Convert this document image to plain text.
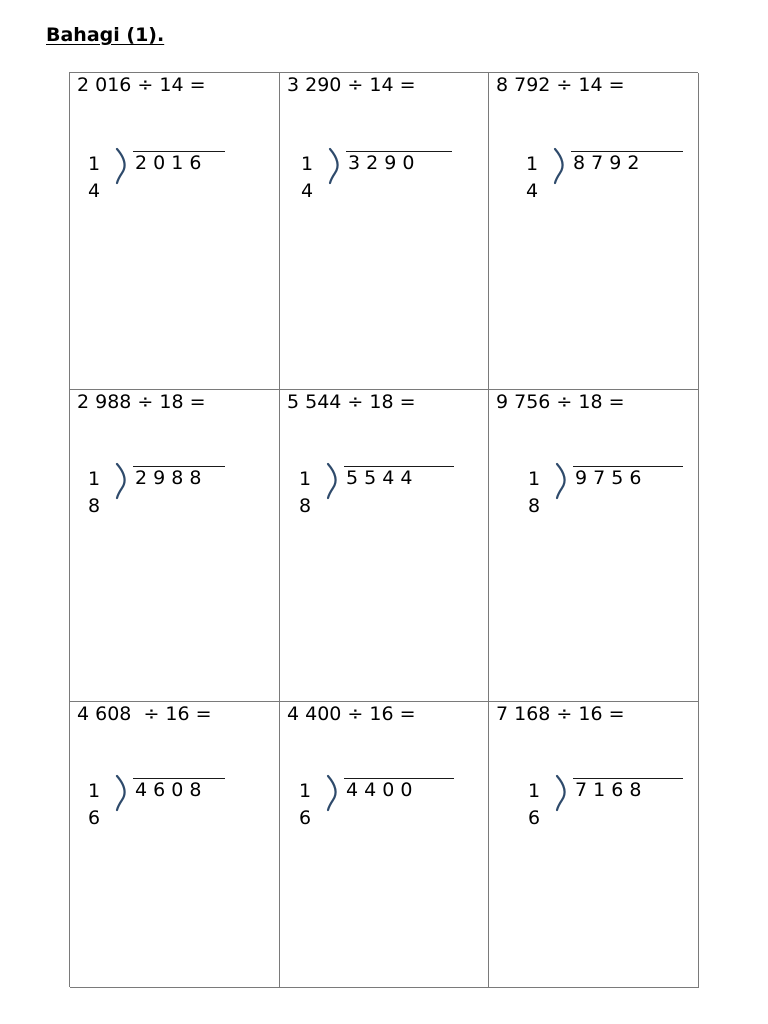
Bahagi (1).
2 016 ÷ 14 =
1
4
2 0 1 6
3 290 ÷ 14 =
1
4
3 2 9 0
8 792 ÷ 14 =
1
4
8 7 9 2
2 988 ÷ 18 =
1
8
2 9 8 8
5 544 ÷ 18 =
1
8
5 5 4 4
9 756 ÷ 18 =
1
8
9 7 5 6
4 608  ÷ 16 =
1
6
4 6 0 8
4 400 ÷ 16 =
1
6
4 4 0 0
7 168 ÷ 16 =
1
6
7 1 6 8
